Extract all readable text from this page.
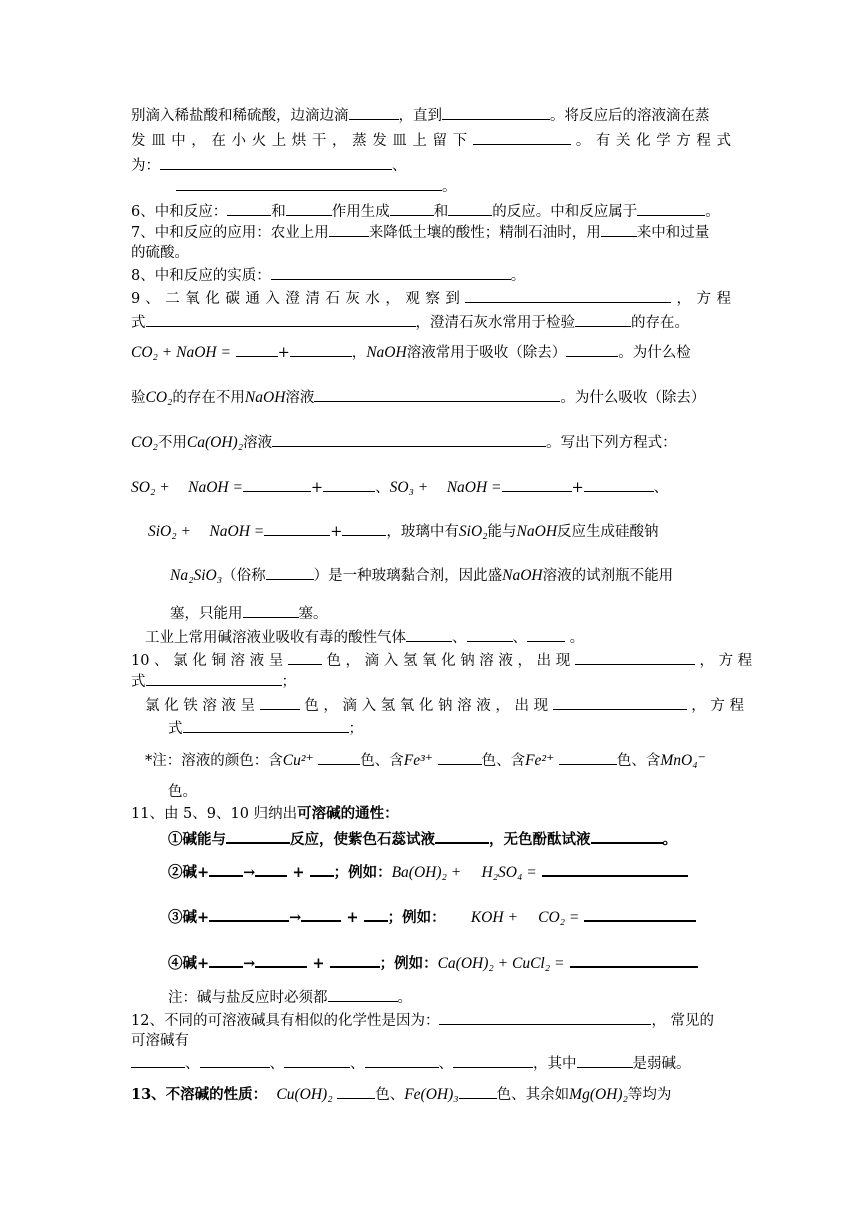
别滴入稀盐酸和稀硫酸，边滴边滴	，直到	。将反应后的溶液滴在蒸
发 皿 中 ， 在 小 火 上 烘 干 ， 蒸 发 皿 上 留 下	。 有 关 化 学 方 程 式
为：	、
。
6、中和反应：	和	作用生成	和	的反应。中和反应属于	。
7、中和反应的应用：农业上用	来降低土壤的酸性；精制石油时，用 来中和过量
的硫酸。
8、中和反应的实质：	。
9 、 二 氧 化 碳 通 入 澄 清 石 灰 水 ， 观 察 到	， 方 程
式	，澄清石灰水常用于检验	的存在。
CO₂ + NaOH =	+	，NaOH溶液常用于吸收（除去）	。为什么检
验CO₂的存在不用NaOH溶液	。为什么吸收（除去）
CO₂不用Ca(OH)₂溶液	。写出下列方程式：
SO₂ + NaOH =	+	、SO₃ + NaOH =	+	、
SiO₂ + NaOH =	+	，玻璃中有SiO₂能与NaOH反应生成硅酸钠
Na₂SiO₃（俗称	）是一种玻璃黏合剂，因此盛NaOH溶液的试剂瓶不能用
塞，只能用	塞。
工业上常用碱溶液业吸收有毒的酸性气体	、	、	。
10 、 氯 化 铜 溶 液 呈	色 ， 滴 入 氢 氧 化 钠 溶 液 ， 出 现	， 方 程
式	；
氯 化 铁 溶 液 呈	色 ， 滴 入 氢 氧 化 钠 溶 液 ， 出 现	， 方 程
式	；
*注：溶液的颜色：含Cu²⁺	色、含Fe³⁺	色、含Fe²⁺	色、含MnO₄⁻
色。
11、由 5、9、10 归纳出可溶碱的通性：
①碱能与	反应，使紫色石蕊试液	，无色酚酞试液	。
②碱+ →	+ ；例如：Ba(OH)₂ + H₂SO₄ =
③碱+	→	+ ；例如： KOH + CO₂ =
④碱+ →	+	；例如：Ca(OH)₂ + CuCl₂ =
注：碱与盐反应时必须都	。
12、不同的可溶液碱具有相似的化学性是因为：	， 常见的
可溶碱有
、	、	、	、	，其中	是弱碱。
13、不溶碱的性质： Cu(OH)₂	色、Fe(OH)₃	色、其余如Mg(OH)₂等均为
